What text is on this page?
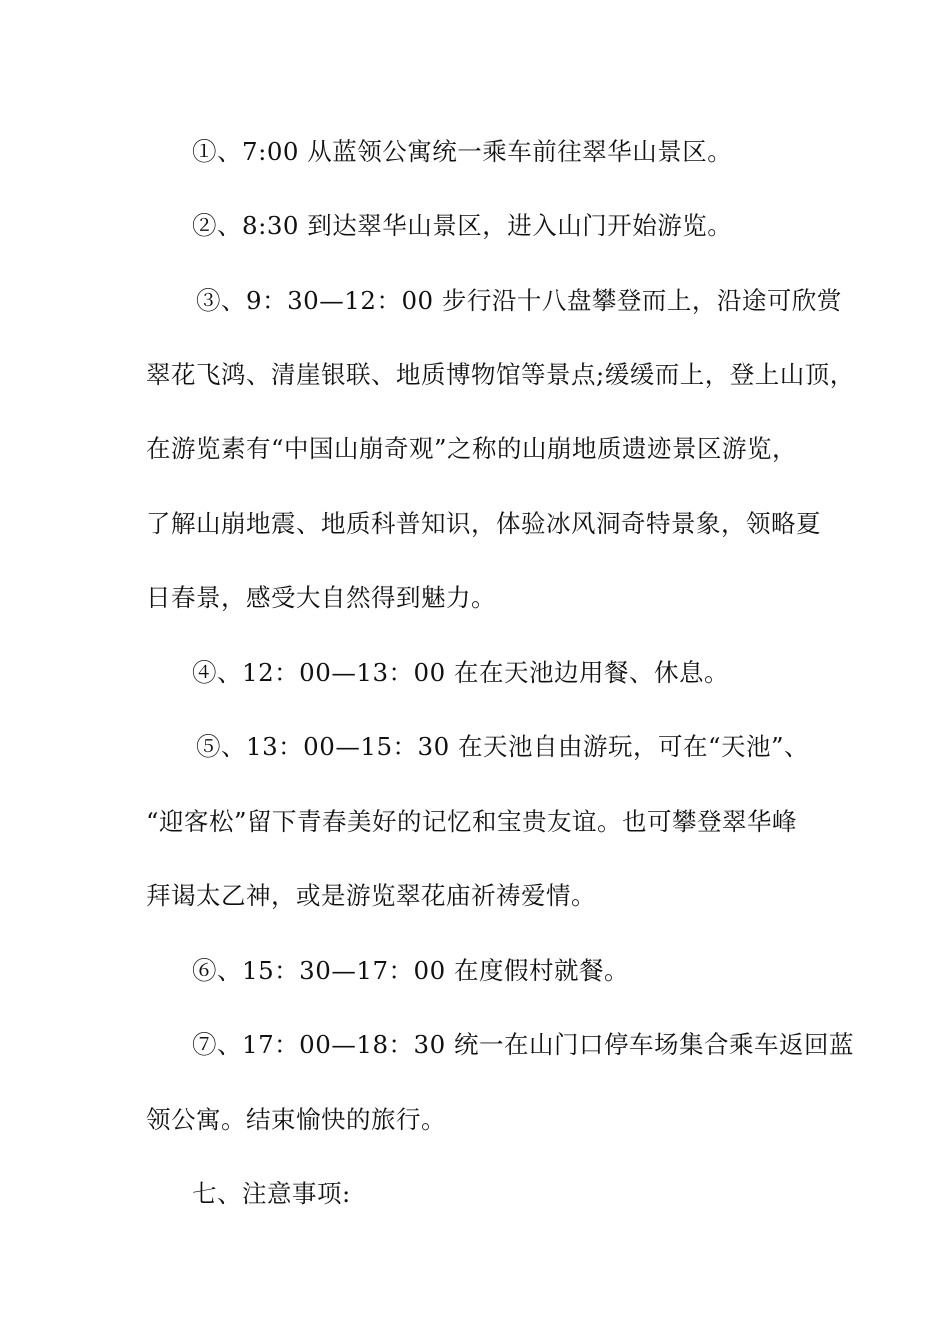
①、7:00 从蓝领公寓统一乘车前往翠华山景区。
②、8:30 到达翠华山景区，进入山门开始游览。
③、9：30—12：00 步行沿十八盘攀登而上，沿途可欣赏
翠花飞鸿、清崖银联、地质博物馆等景点;缓缓而上，登上山顶，
在游览素有“中国山崩奇观”之称的山崩地质遗迹景区游览，
了解山崩地震、地质科普知识，体验冰风洞奇特景象，领略夏
日春景，感受大自然得到魅力。
④、12：00—13：00 在在天池边用餐、休息。
⑤、13：00—15：30 在天池自由游玩，可在“天池”、
“迎客松”留下青春美好的记忆和宝贵友谊。也可攀登翠华峰
拜谒太乙神，或是游览翠花庙祈祷爱情。
⑥、15：30—17：00 在度假村就餐。
⑦、17：00—18：30 统一在山门口停车场集合乘车返回蓝
领公寓。结束愉快的旅行。
七、注意事项:
